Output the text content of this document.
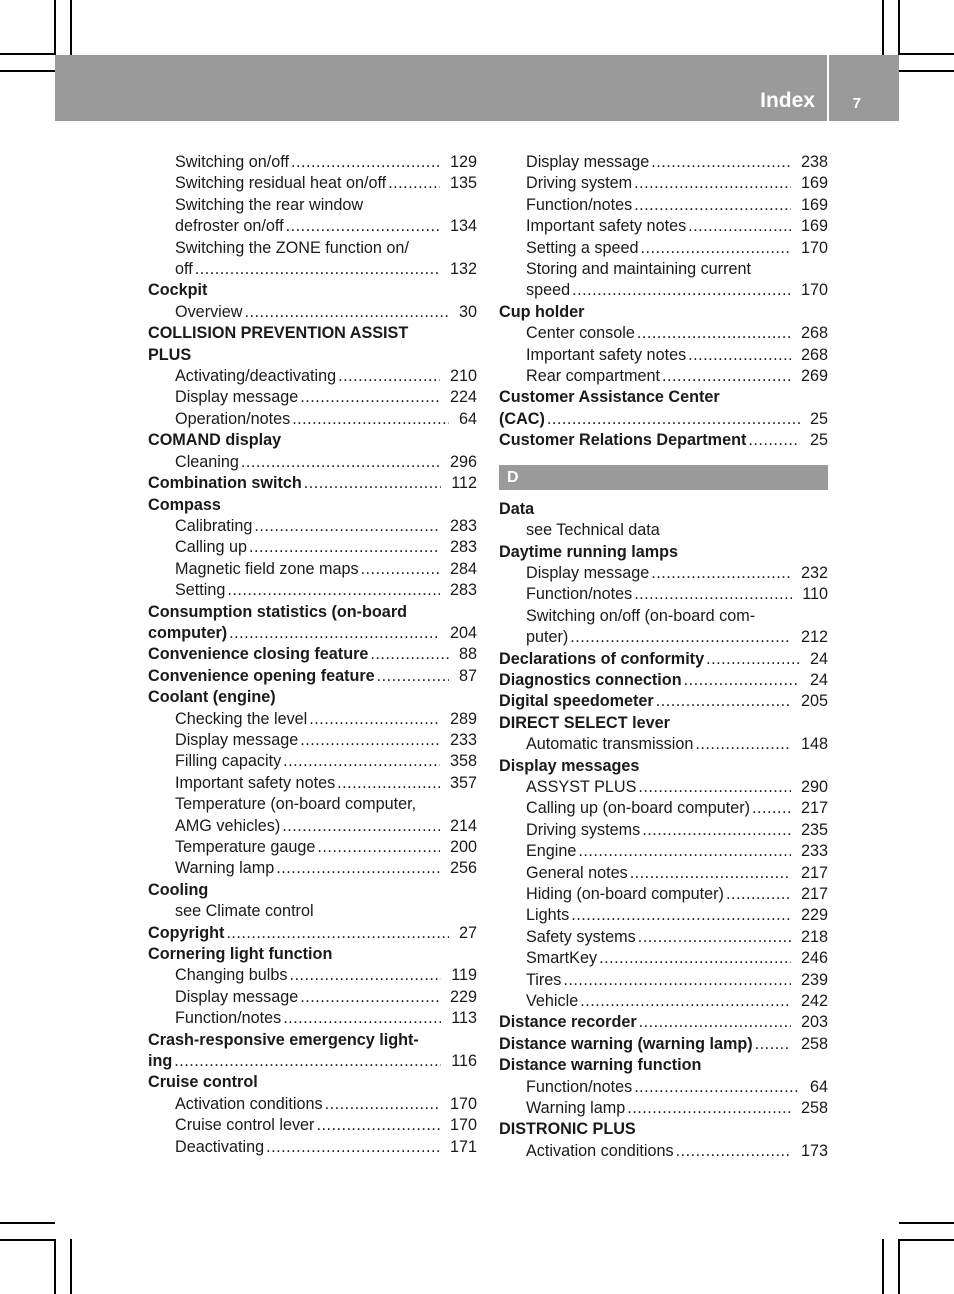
Index	7
Switching on/off .....	129
Switching residual heat on/off .....	135
Switching the rear window
defroster on/off .....	134
Switching the ZONE function on/
off .....	132
Cockpit
Overview .....	30
COLLISION PREVENTION ASSIST
PLUS
Activating/deactivating .....	210
Display message .....	224
Operation/notes .....	64
COMAND display
Cleaning .....	296
Combination switch .....	112
Compass
Calibrating .....	283
Calling up .....	283
Magnetic field zone maps .....	284
Setting .....	283
Consumption statistics (on-board
computer) .....	204
Convenience closing feature .....	88
Convenience opening feature .....	87
Coolant (engine)
Checking the level .....	289
Display message .....	233
Filling capacity .....	358
Important safety notes .....	357
Temperature (on-board computer,
AMG vehicles) .....	214
Temperature gauge .....	200
Warning lamp .....	256
Cooling
see Climate control
Copyright .....	27
Cornering light function
Changing bulbs .....	119
Display message .....	229
Function/notes .....	113
Crash-responsive emergency light-
ing .....	116
Cruise control
Activation conditions .....	170
Cruise control lever .....	170
Deactivating .....	171
Display message .....	238
Driving system .....	169
Function/notes .....	169
Important safety notes .....	169
Setting a speed .....	170
Storing and maintaining current
speed .....	170
Cup holder
Center console .....	268
Important safety notes .....	268
Rear compartment .....	269
Customer Assistance Center
(CAC) .....	25
Customer Relations Department .....	25
D
Data
see Technical data
Daytime running lamps
Display message .....	232
Function/notes .....	110
Switching on/off (on-board com-
puter) .....	212
Declarations of conformity .....	24
Diagnostics connection .....	24
Digital speedometer .....	205
DIRECT SELECT lever
Automatic transmission .....	148
Display messages
ASSYST PLUS .....	290
Calling up (on-board computer) .....	217
Driving systems .....	235
Engine .....	233
General notes .....	217
Hiding (on-board computer) .....	217
Lights .....	229
Safety systems .....	218
SmartKey .....	246
Tires .....	239
Vehicle .....	242
Distance recorder .....	203
Distance warning (warning lamp) .....	258
Distance warning function
Function/notes .....	64
Warning lamp .....	258
DISTRONIC PLUS
Activation conditions .....	173
